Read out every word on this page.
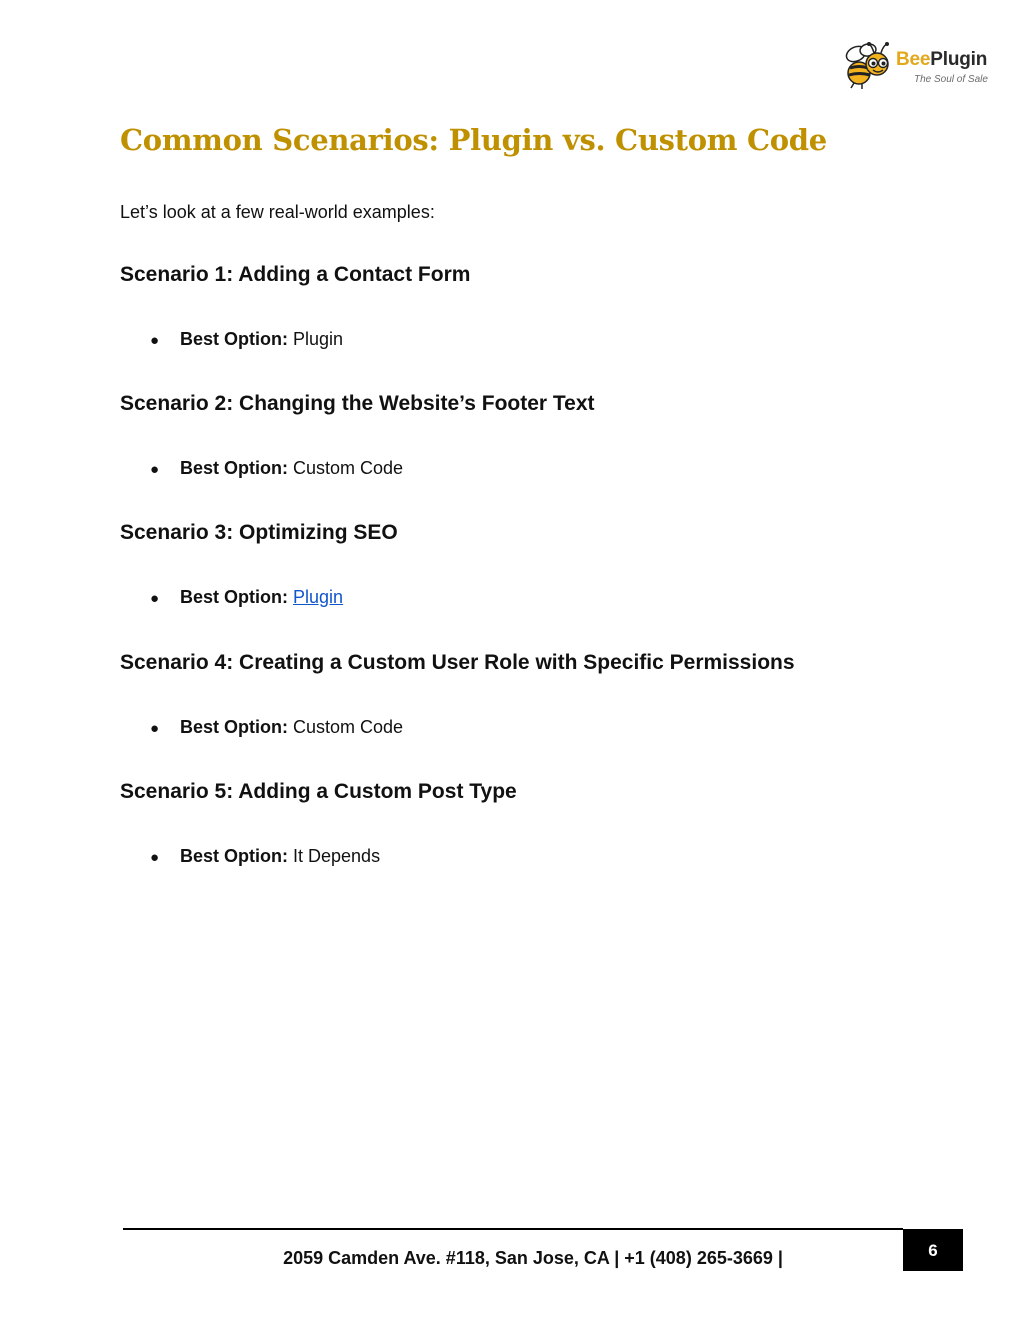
BeePlugin
The Soul of Sale
Common Scenarios: Plugin vs. Custom Code
Let’s look at a few real-world examples:
Scenario 1: Adding a Contact Form
● Best Option: Plugin
Scenario 2: Changing the Website’s Footer Text
● Best Option: Custom Code
Scenario 3: Optimizing SEO
● Best Option: Plugin
Scenario 4: Creating a Custom User Role with Specific Permissions
● Best Option: Custom Code
Scenario 5: Adding a Custom Post Type
● Best Option: It Depends
2059 Camden Ave. #118, San Jose, CA | +1 (408) 265-3669 |	6
